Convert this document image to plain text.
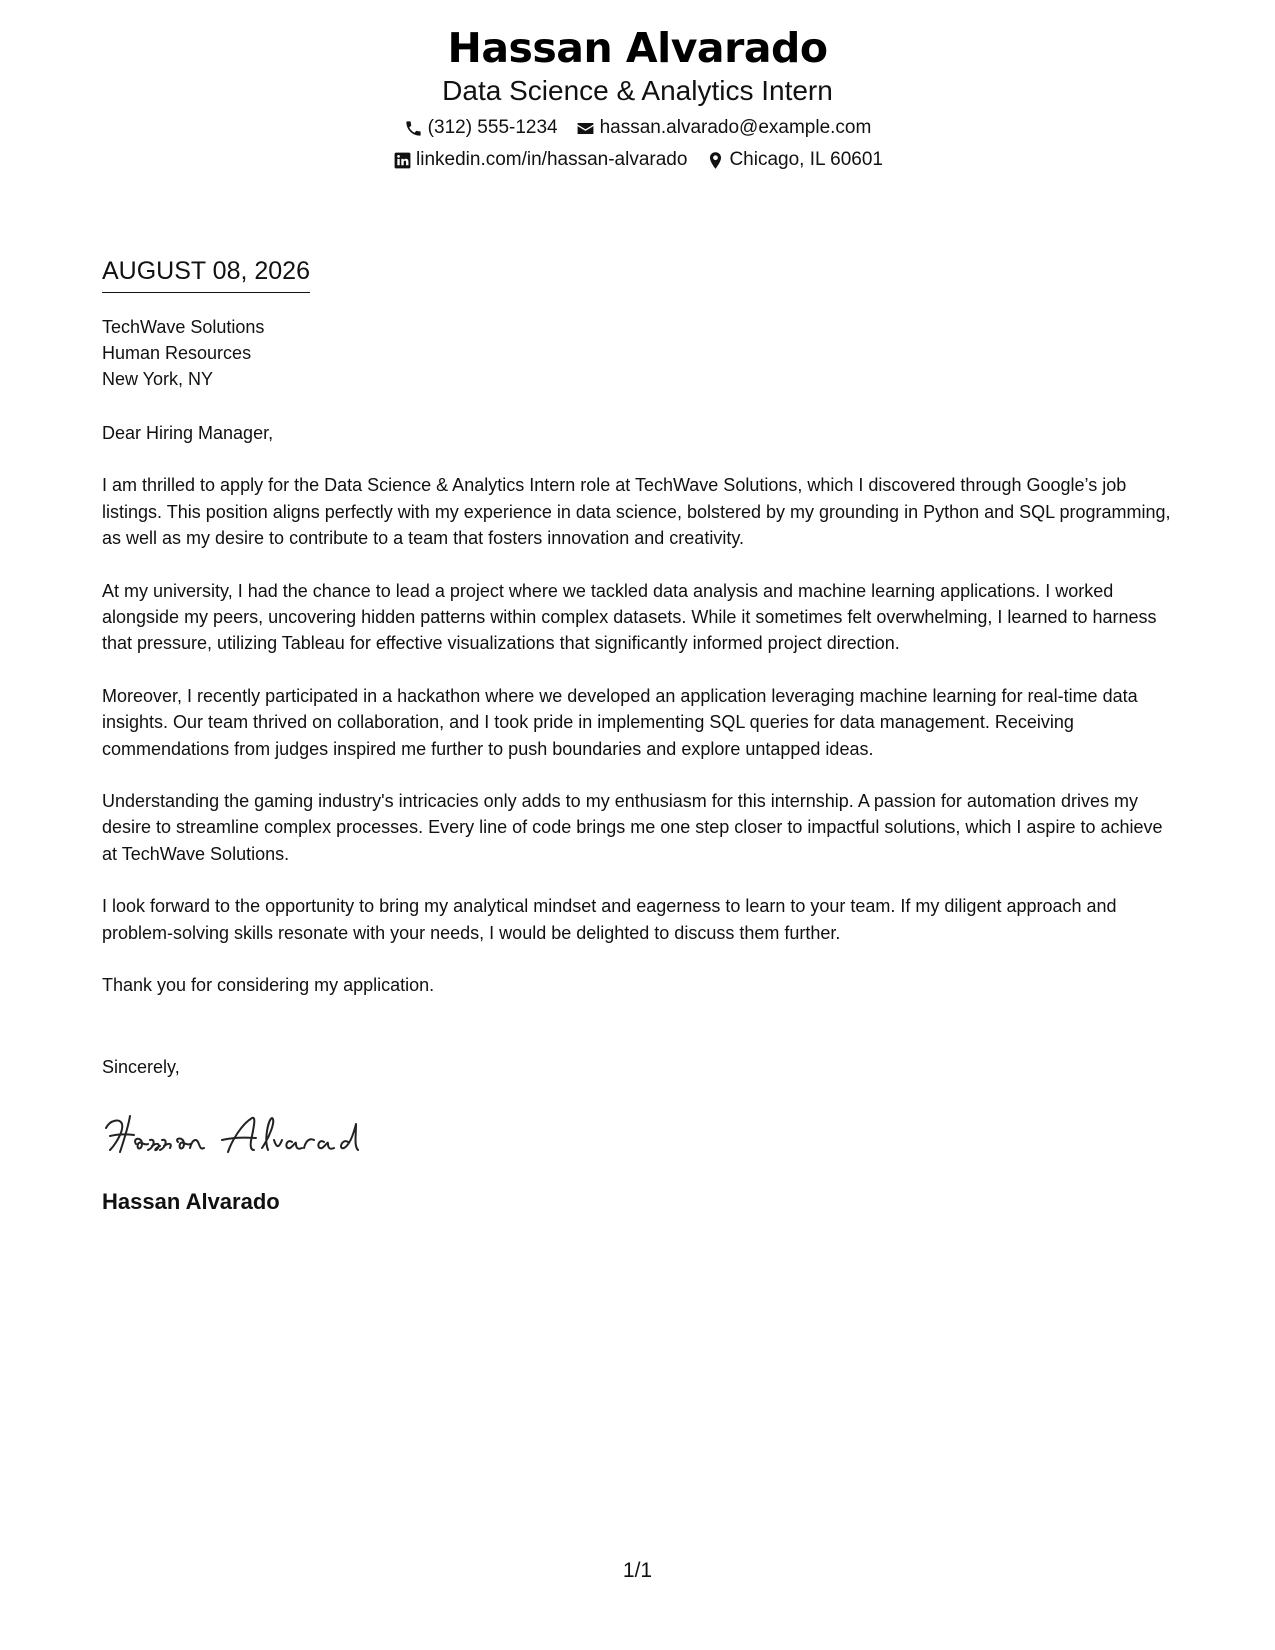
Hassan Alvarado
Data Science & Analytics Intern
(312) 555-1234 hassan.alvarado@example.com
linkedin.com/in/hassan-alvarado Chicago, IL 60601
AUGUST 08, 2026
TechWave Solutions
Human Resources
New York, NY

Dear Hiring Manager,

I am thrilled to apply for the Data Science & Analytics Intern role at TechWave Solutions, which I discovered through Google’s job listings. This position aligns perfectly with my experience in data science, bolstered by my grounding in Python and SQL programming, as well as my desire to contribute to a team that fosters innovation and creativity.

At my university, I had the chance to lead a project where we tackled data analysis and machine learning applications. I worked alongside my peers, uncovering hidden patterns within complex datasets. While it sometimes felt overwhelming, I learned to harness that pressure, utilizing Tableau for effective visualizations that significantly informed project direction.

Moreover, I recently participated in a hackathon where we developed an application leveraging machine learning for real-time data insights. Our team thrived on collaboration, and I took pride in implementing SQL queries for data management. Receiving commendations from judges inspired me further to push boundaries and explore untapped ideas.

Understanding the gaming industry's intricacies only adds to my enthusiasm for this internship. A passion for automation drives my desire to streamline complex processes. Every line of code brings me one step closer to impactful solutions, which I aspire to achieve at TechWave Solutions.

I look forward to the opportunity to bring my analytical mindset and eagerness to learn to your team. If my diligent approach and problem-solving skills resonate with your needs, I would be delighted to discuss them further.

Thank you for considering my application.

Sincerely,
Hassan Alvarado
1/1
